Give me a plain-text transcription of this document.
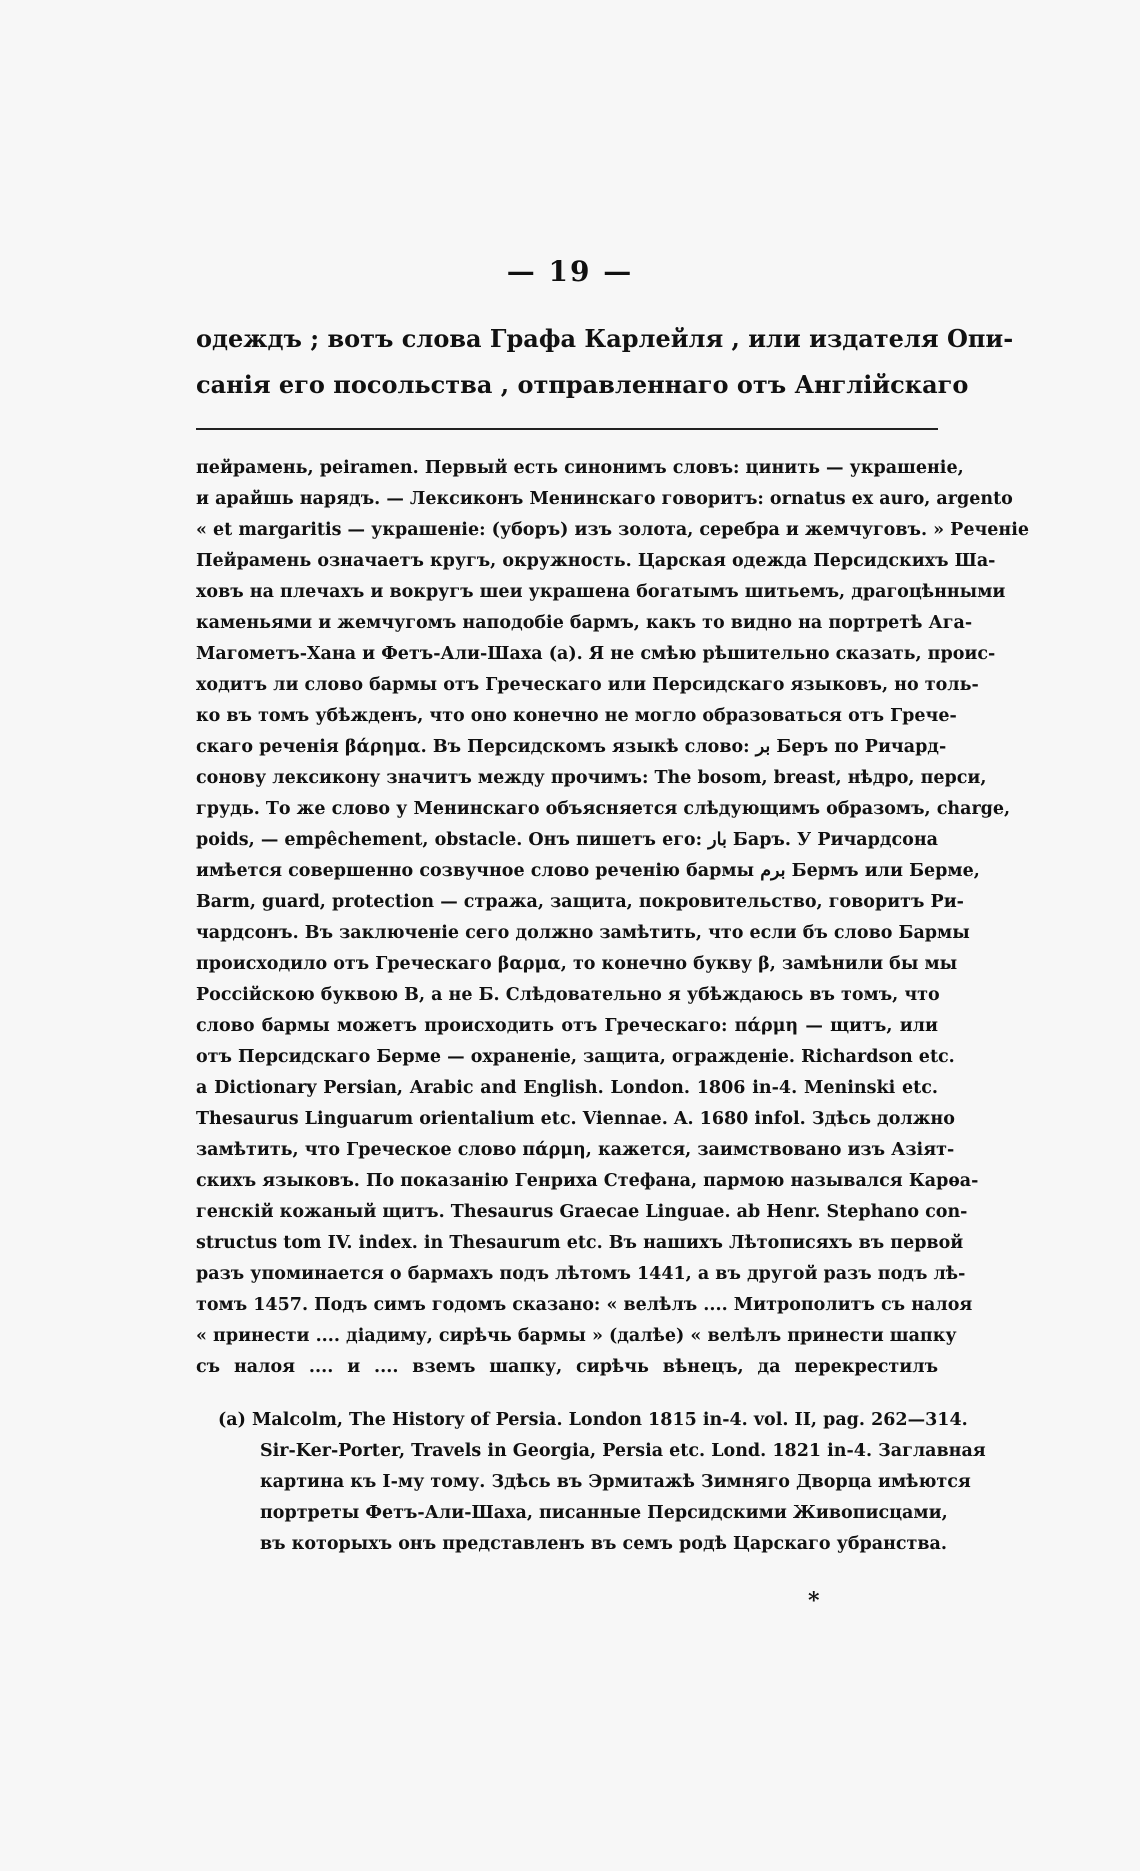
— 19 —
одеждъ ; вотъ слова Графа Карлейля , или издателя Опи-
санія его посольства , отправленнаго отъ Англійскаго
пейрамень, peiramen. Первый есть синонимъ словъ: цинить — украшеніе,
и арайшь нарядъ. — Лексиконъ Менинскаго говоритъ: ornatus ex auro, argento
« et margaritis — украшеніе: (уборъ) изъ золота, серебра и жемчуговъ. » Реченіе
Пейрамень означаетъ кругъ, окружность. Царская одежда Персидскихъ Ша-
ховъ на плечахъ и вокругъ шеи украшена богатымъ шитьемъ, драгоцѣнными
каменьями и жемчугомъ наподобіе бармъ, какъ то видно на портретѣ Ага-
Магометъ-Хана и Фетъ-Али-Шаха (а). Я не смѣю рѣшительно сказать, проис-
ходитъ ли слово бармы отъ Греческаго или Персидскаго языковъ, но толь-
ко въ томъ убѣжденъ, что оно конечно не могло образоваться отъ Грече-
скаго реченія βάρημα. Въ Персидскомъ языкѣ слово: بر Беръ по Ричард-
сонову лексикону значитъ между прочимъ: The bosom, breast, нѣдро, перси,
грудь. То же слово у Менинскаго объясняется слѣдующимъ образомъ, charge,
poids, — empêchement, obstacle. Онъ пишетъ его: بار Баръ. У Ричардсона
имѣется совершенно созвучное слово реченію бармы برم Бермъ или Берме,
Barm, guard, protection — стража, защита, покровительство, говоритъ Ри-
чардсонъ. Въ заключеніе сего должно замѣтить, что если бъ слово Бармы
происходило отъ Греческаго βαρμα, то конечно букву β, замѣнили бы мы
Россійскою буквою В, а не Б. Слѣдовательно я убѣждаюсь въ томъ, что
слово бармы можетъ происходить отъ Греческаго: πάρμη — щитъ, или
отъ Персидскаго Берме — охраненіе, защита, огражденіе. Richardson etc.
a Dictionary Persian, Arabic and English. London. 1806 in-4. Meninski etc.
Thesaurus Linguarum orientalium etc. Viennae. A. 1680 infol. Здѣсь должно
замѣтить, что Греческое слово πάρμη, кажется, заимствовано изъ Азіят-
скихъ языковъ. По показанію Генриха Стефана, пармою назывался Карѳа-
генскій кожаный щитъ. Thesaurus Graecae Linguae. ab Henr. Stephano con-
structus tom IV. index. in Thesaurum etc. Въ нашихъ Лѣтописяхъ въ первой
разъ упоминается о бармахъ подъ лѣтомъ 1441, а въ другой разъ подъ лѣ-
томъ 1457. Подъ симъ годомъ сказано: « велѣлъ .... Митрополитъ съ налоя
« принести .... діадиму, сирѣчь бармы » (далѣе) « велѣлъ принести шапку
съ налоя .... и .... вземъ шапку, сирѣчь вѣнецъ, да перекрестилъ
(a) Malcolm, The History of Persia. London 1815 in-4. vol. II, pag. 262—314.
Sir-Ker-Porter, Travels in Georgia, Persia etc. Lond. 1821 in-4. Заглавная
картина къ I-му тому. Здѣсь въ Эрмитажѣ Зимняго Дворца имѣются
портреты Фетъ-Али-Шаха, писанные Персидскими Живописцами,
въ которыхъ онъ представленъ въ семъ родѣ Царскаго убранства.
*
